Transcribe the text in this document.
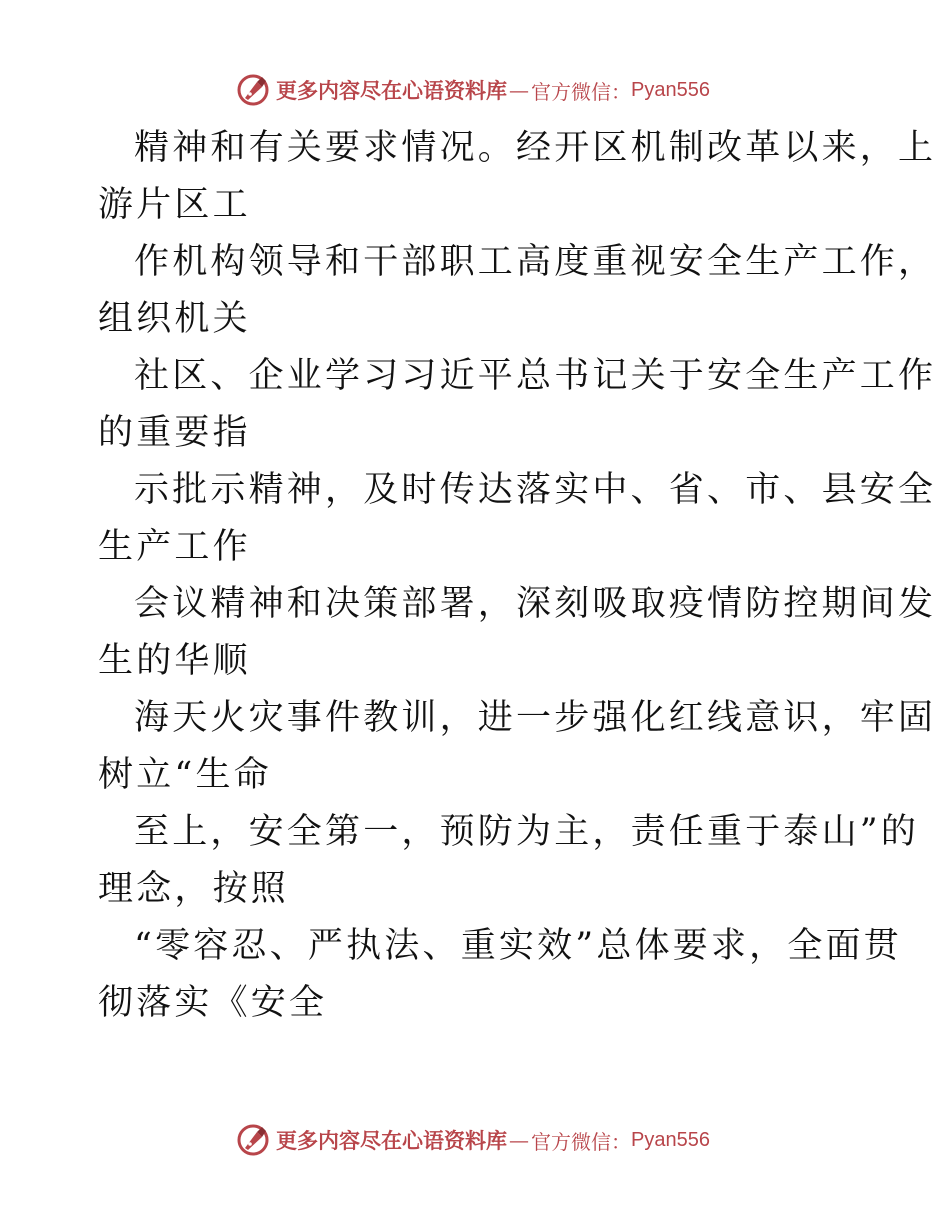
更多内容尽在心语资料库 — 官方微信： Pyan556
精神和有关要求情况。经开区机制改革以来，上
游片区工
作机构领导和干部职工高度重视安全生产工作，
组织机关
社区、企业学习习近平总书记关于安全生产工作
的重要指
示批示精神，及时传达落实中、省、市、县安全
生产工作
会议精神和决策部署，深刻吸取疫情防控期间发
生的华顺
海天火灾事件教训，进一步强化红线意识，牢固
树立“生命
至上，安全第一，预防为主，责任重于泰山”的
理念，按照
“零容忍、严执法、重实效”总体要求，全面贯
彻落实《安全
更多内容尽在心语资料库 — 官方微信： Pyan556
